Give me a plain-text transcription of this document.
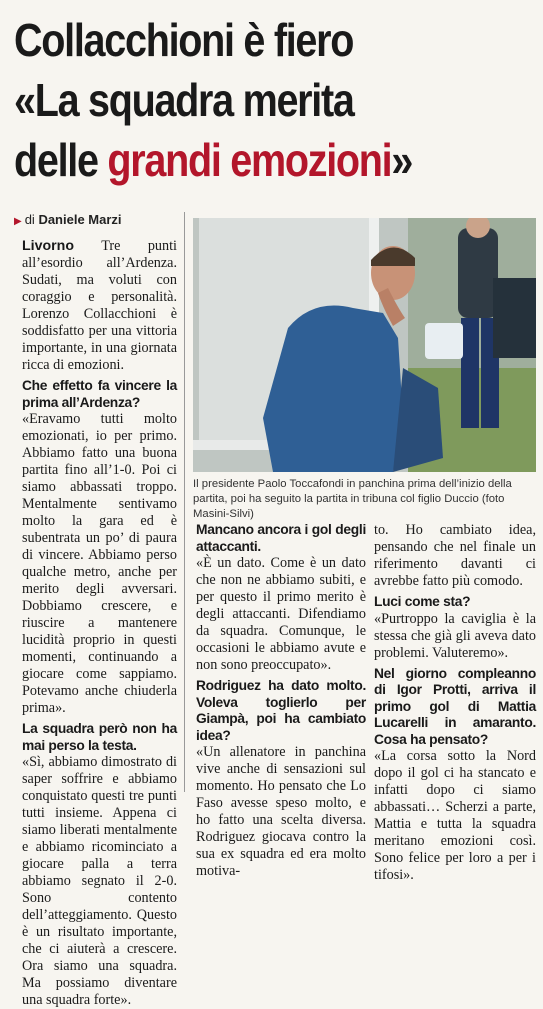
Collacchioni è fiero
«La squadra merita
delle grandi emozioni»
▶ di Daniele Marzi

Livorno Tre punti all’esordio all’Ardenza. Sudati, ma voluti con coraggio e personalità. Lorenzo Collacchioni è soddisfatto per una vittoria importante, in una giornata ricca di emozioni.

Che effetto fa vincere la prima all’Ardenza?

«Eravamo tutti molto emozionati, io per primo. Abbiamo fatto una buona partita fino all’1-0. Poi ci siamo abbassati troppo. Mentalmente sentivamo molto la gara ed è subentrata un po’ di paura di vincere. Abbiamo perso qualche metro, anche per merito degli avversari. Dobbiamo crescere, e riuscire a mantenere lucidità proprio in questi momenti, continuando a giocare come sappiamo. Potevamo anche chiuderla prima».

La squadra però non ha mai perso la testa.

«Sì, abbiamo dimostrato di saper soffrire e abbiamo conquistato questi tre punti tutti insieme. Appena ci siamo liberati mentalmente e abbiamo ricominciato a giocare palla a terra abbiamo segnato il 2-0. Sono contento dell’atteggiamento. Questo è un risultato importante, che ci aiuterà a crescere. Ora siamo una squadra. Ma possiamo diventare una squadra forte».

Il presidente Paolo Toccafondi in panchina prima dell’inizio della partita, poi ha seguito la partita in tribuna col figlio Duccio (foto Masini-Silvi)

Mancano ancora i gol degli attaccanti.

«È un dato. Come è un dato che non ne abbiamo subiti, e per questo il primo merito è degli attaccanti. Difendiamo da squadra. Comunque, le occasioni le abbiamo avute e non sono preoccupato».

Rodriguez ha dato molto. Voleva toglierlo per Giampà, poi ha cambiato idea?

«Un allenatore in panchina vive anche di sensazioni sul momento. Ho pensato che Lo Faso avesse speso molto, e ho fatto una scelta diversa. Rodriguez giocava contro la sua ex squadra ed era molto motiva-

to. Ho cambiato idea, pensando che nel finale un riferimento davanti ci avrebbe fatto più comodo.

Luci come sta?

«Purtroppo la caviglia è la stessa che già gli aveva dato problemi. Valuteremo».

Nel giorno compleanno di Igor Protti, arriva il primo gol di Mattia Lucarelli in amaranto. Cosa ha pensato?

«La corsa sotto la Nord dopo il gol ci ha stancato e infatti dopo ci siamo abbassati… Scherzi a parte, Mattia e tutta la squadra meritano emozioni così. Sono felice per loro a per i tifosi».
